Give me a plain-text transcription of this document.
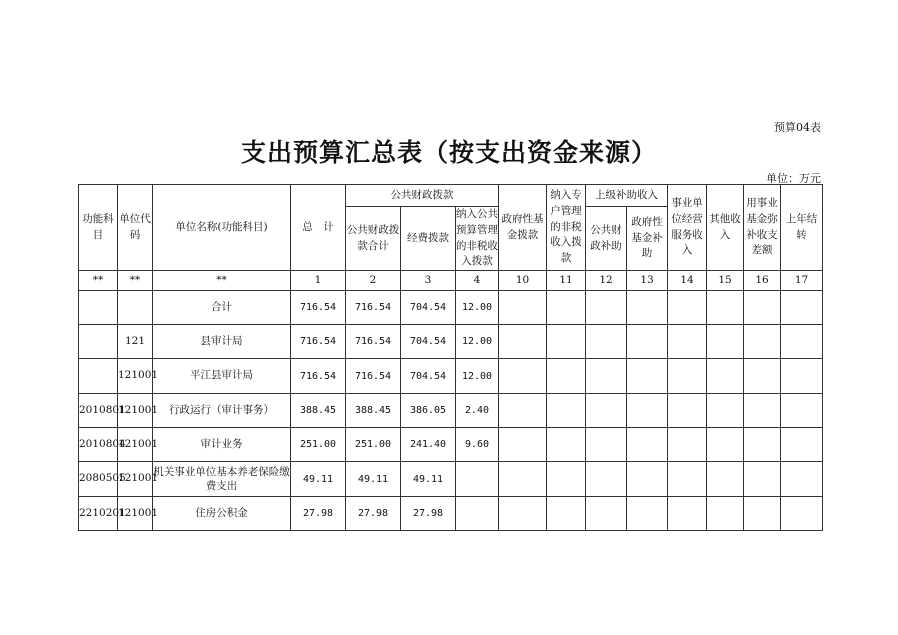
预算04表
支出预算汇总表（按支出资金来源）
单位：万元
功能科目	单位代码	单位名称(功能科目)	总　计	公共财政拨款			政府性基金拨款	纳入专户管理的非税收入拨款	上级补助收入		事业单位经营服务收入	其他收入	用事业基金弥补收支差额	上年结转
				公共财政拨款合计	经费拨款	纳入公共预算管理的非税收入拨款			公共财政补助	政府性基金补助				
**	**	**	1	2	3	4	10	11	12	13	14	15	16	17
		合计	716.54	716.54	704.54	12.00								
	121	县审计局	716.54	716.54	704.54	12.00								
	121001	平江县审计局	716.54	716.54	704.54	12.00								
2010801	121001	行政运行（审计事务）	388.45	388.45	386.05	2.40								
2010804	121001	审计业务	251.00	251.00	241.40	9.60								
2080505	121001	机关事业单位基本养老保险缴费支出	49.11	49.11	49.11									
2210201	121001	住房公积金	27.98	27.98	27.98									
